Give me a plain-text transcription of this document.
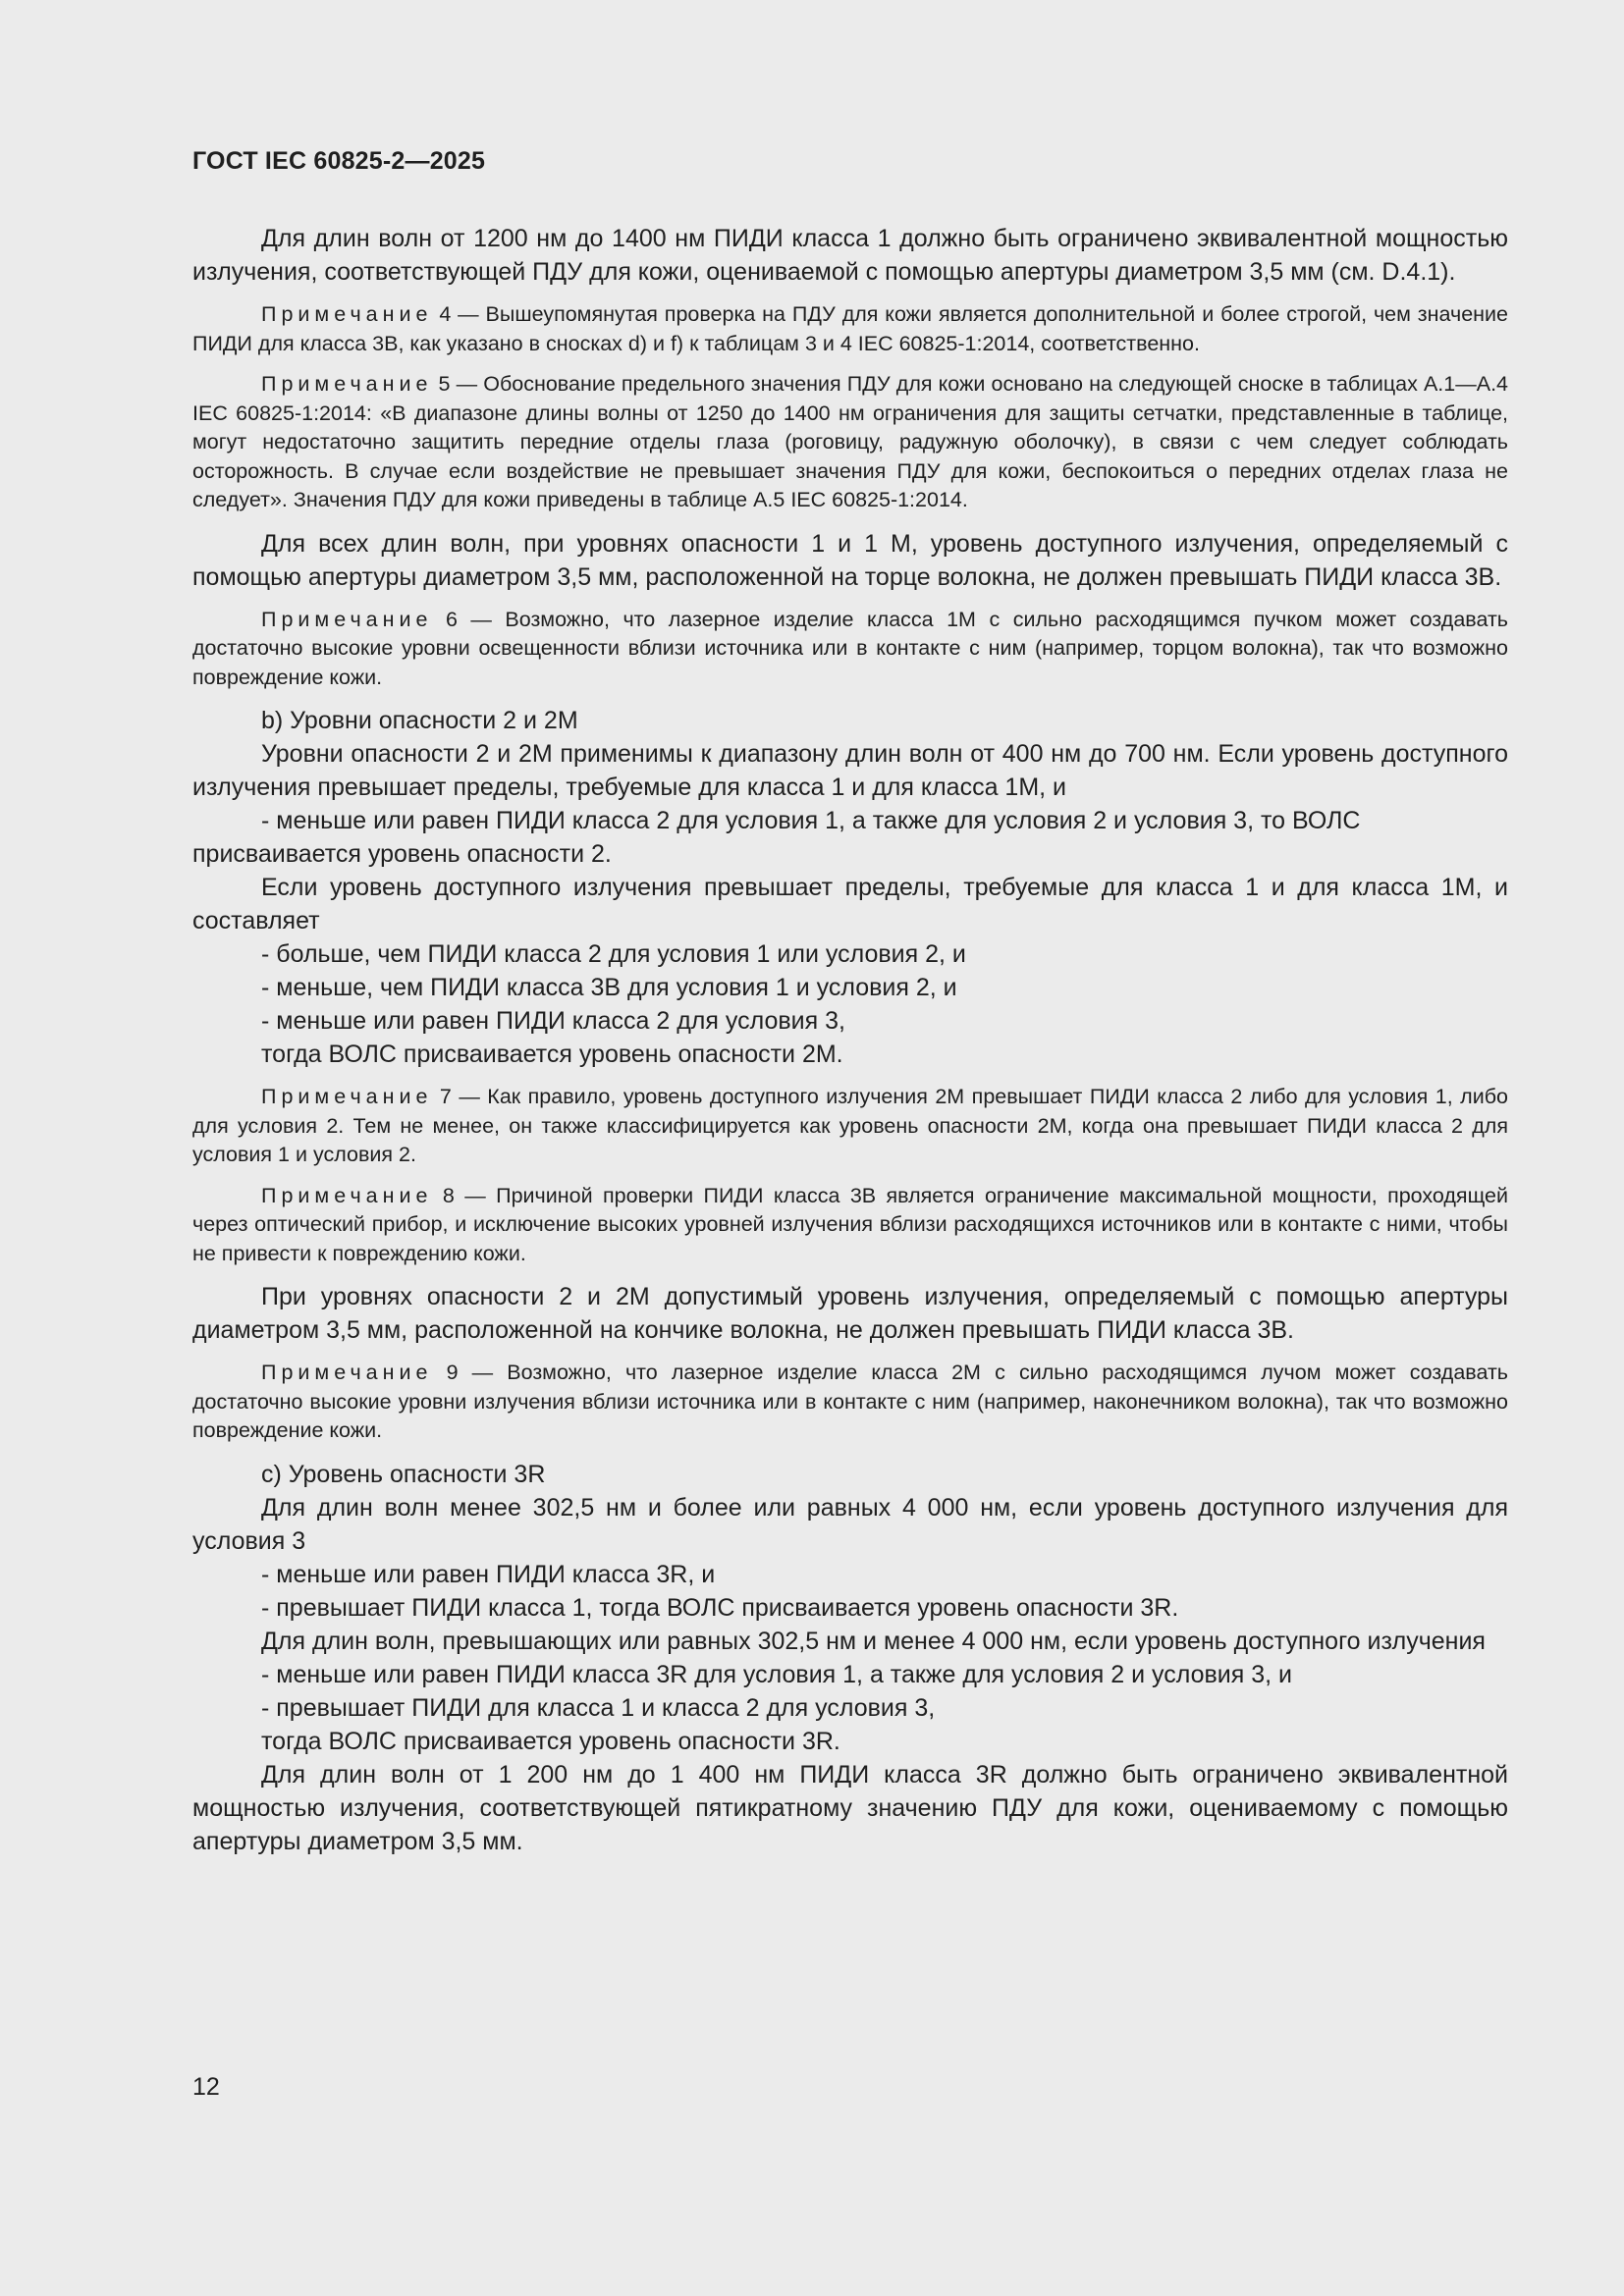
ГОСТ IEC 60825-2—2025

Для длин волн от 1200 нм до 1400 нм ПИДИ класса 1 должно быть ограничено эквивалентной мощностью излучения, соответствующей ПДУ для кожи, оцениваемой с помощью апертуры диаметром 3,5 мм (см. D.4.1).

Примечание 4 — Вышеупомянутая проверка на ПДУ для кожи является дополнительной и более строгой, чем значение ПИДИ для класса 3B, как указано в сносках d) и f) к таблицам 3 и 4 IEC 60825-1:2014, соответственно.

Примечание 5 — Обоснование предельного значения ПДУ для кожи основано на следующей сноске в таблицах А.1—А.4 IEC 60825-1:2014: «В диапазоне длины волны от 1250 до 1400 нм ограничения для защиты сетчатки, представленные в таблице, могут недостаточно защитить передние отделы глаза (роговицу, радужную оболочку), в связи с чем следует соблюдать осторожность. В случае если воздействие не превышает значения ПДУ для кожи, беспокоиться о передних отделах глаза не следует». Значения ПДУ для кожи приведены в таблице А.5 IEC 60825-1:2014.

Для всех длин волн, при уровнях опасности 1 и 1 М, уровень доступного излучения, определяемый с помощью апертуры диаметром 3,5 мм, расположенной на торце волокна, не должен превышать ПИДИ класса 3B.

Примечание 6 — Возможно, что лазерное изделие класса 1M с сильно расходящимся пучком может создавать достаточно высокие уровни освещенности вблизи источника или в контакте с ним (например, торцом волокна), так что возможно повреждение кожи.

b) Уровни опасности 2 и 2М

Уровни опасности 2 и 2М применимы к диапазону длин волн от 400 нм до 700 нм. Если уровень доступного излучения превышает пределы, требуемые для класса 1 и для класса 1М, и

- меньше или равен ПИДИ класса 2 для условия 1, а также для условия 2 и условия 3, то ВОЛС присваивается уровень опасности 2.

Если уровень доступного излучения превышает пределы, требуемые для класса 1 и для класса 1М, и составляет

- больше, чем ПИДИ класса 2 для условия 1 или условия 2, и

- меньше, чем ПИДИ класса 3B для условия 1 и условия 2, и

- меньше или равен ПИДИ класса 2 для условия 3,

тогда ВОЛС присваивается уровень опасности 2М.

Примечание 7 — Как правило, уровень доступного излучения 2М превышает ПИДИ класса 2 либо для условия 1, либо для условия 2. Тем не менее, он также классифицируется как уровень опасности 2М, когда она превышает ПИДИ класса 2 для условия 1 и условия 2.

Примечание 8 — Причиной проверки ПИДИ класса 3B является ограничение максимальной мощности, проходящей через оптический прибор, и исключение высоких уровней излучения вблизи расходящихся источников или в контакте с ними, чтобы не привести к повреждению кожи.

При уровнях опасности 2 и 2М допустимый уровень излучения, определяемый с помощью апертуры диаметром 3,5 мм, расположенной на кончике волокна, не должен превышать ПИДИ класса 3B.

Примечание 9 — Возможно, что лазерное изделие класса 2M с сильно расходящимся лучом может создавать достаточно высокие уровни излучения вблизи источника или в контакте с ним (например, наконечником волокна), так что возможно повреждение кожи.

c) Уровень опасности 3R

Для длин волн менее 302,5 нм и более или равных 4 000 нм, если уровень доступного излучения для условия 3

- меньше или равен ПИДИ класса 3R, и

- превышает ПИДИ класса 1, тогда ВОЛС присваивается уровень опасности 3R.

Для длин волн, превышающих или равных 302,5 нм и менее 4 000 нм, если уровень доступного излучения

- меньше или равен ПИДИ класса 3R для условия 1, а также для условия 2 и условия 3, и

- превышает ПИДИ для класса 1 и класса 2 для условия 3,

тогда ВОЛС присваивается уровень опасности 3R.

Для длин волн от 1 200 нм до 1 400 нм ПИДИ класса 3R должно быть ограничено эквивалентной мощностью излучения, соответствующей пятикратному значению ПДУ для кожи, оцениваемому с помощью апертуры диаметром 3,5 мм.

12
